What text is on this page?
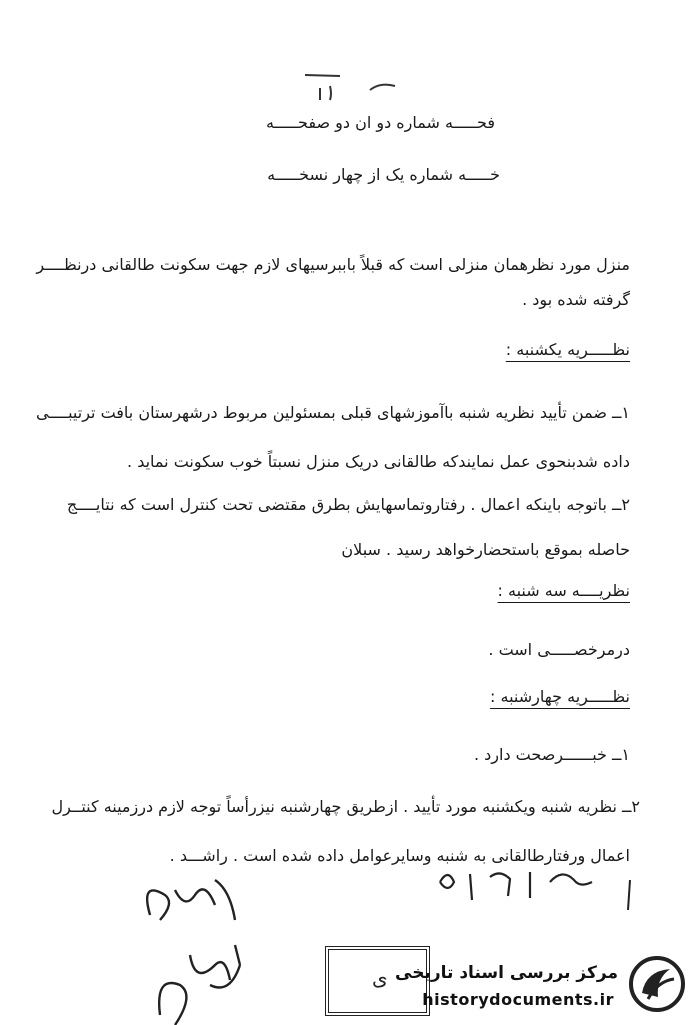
فحـــــه شماره دو ان دو صفحـــــه
خـــــه شماره یک از چهار نسخـــــه
منزل مورد نظرهمان منزلی است که قبلاً باببرسیهای لازم جهت سکونت طالقانی درنظــــر
گرفته شده بود .
نظـــــریه یکشنبه :
۱ــ ضمن تأیید نظریه شنبه باآموزشهای قبلی بمسئولین مربوط درشهرستان بافت ترتیبــــی
داده شدبنحوی عمل نمایندکه طالقانی دریک منزل نسبتاً خوب سکونت نماید .
۲ــ باتوجه باینکه اعمال . رفتاروتماسهایش بطرق مقتضی تحت کنترل است که نتایــــج
حاصله بموقع باستحضارخواهد رسید . سبلان
نظریــــه سه شنبه :
درمرخصـــــی است .
نظـــــریه چهارشنبه :
۱ــ خبــــــرصحت دارد .
۲ــ نظریه شنبه ویکشنبه مورد تأیید . ازطریق چهارشنبه نیزرأساً توجه لازم درزمینه کنتــرل
اعمال ورفتارطالقانی به شنبه وسایرعوامل داده شده است . راشـــد .
ی مرکز بررسی اسناد تاریخی
historydocuments.ir
